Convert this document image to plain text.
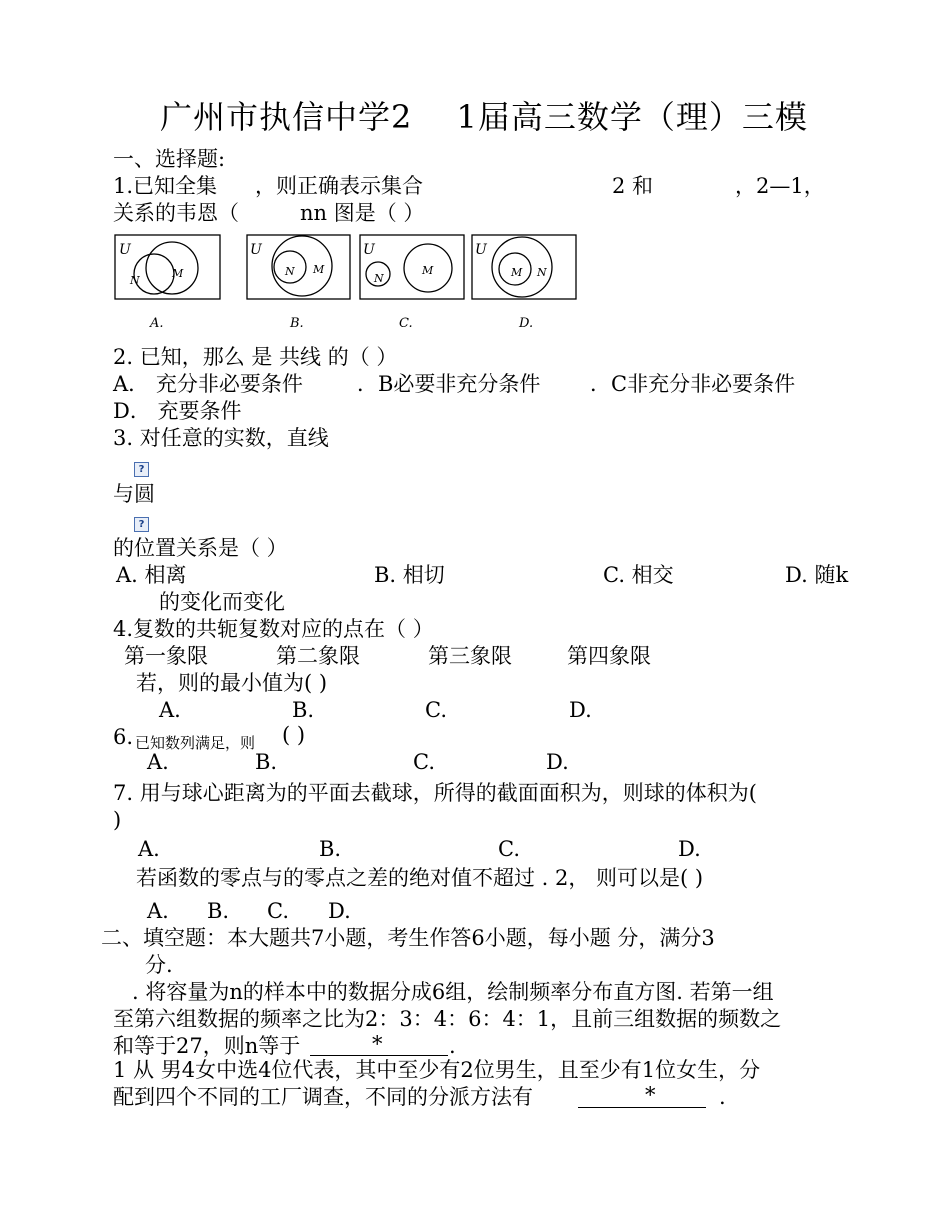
广州市执信中学2　 1届高三数学（理）三模
一、选择题:
1.已知全集 ，则正确表示集合	2 和	，2—1，
关系的韦恩（	nn 图是（ ）
U
N
M
U
N M
U
N
M
U
M N
A.	B.	C.	D.
2. 已知，那么 是 共线 的（ ）
A． 充分非必要条件	．B必要非充分条件 ．C非充分非必要条件
D． 充要条件
3. 对任意的实数，直线
?
与圆
?
的位置关系是（ ）
A. 相离	B. 相切	C. 相交	D. 随k
的变化而变化
4.复数的共轭复数对应的点在（ ）
第一象限	第二象限	第三象限	第四象限
若，则的最小值为( )
A.	B.	C.	D.
6. 已知数列满足，则 ( )
A.	B.	C.	D.
7. 用与球心距离为的平面去截球，所得的截面面积为，则球的体积为(
)
A.	B.	C.	D.
若函数的零点与的零点之差的绝对值不超过 . 2， 则可以是( )
A. B. C. D.
二、填空题：本大题共7小题，考生作答6小题，每小题 分，满分3
分.
. 将容量为n的样本中的数据分成6组，绘制频率分布直方图. 若第一组
至第六组数据的频率之比为2：3：4：6：4：1，且前三组数据的频数之
和等于27，则n等于	*	.
1 从 男4女中选4位代表，其中至少有2位男生，且至少有1位女生，分
配到四个不同的工厂调查，不同的分派方法有	*	.
